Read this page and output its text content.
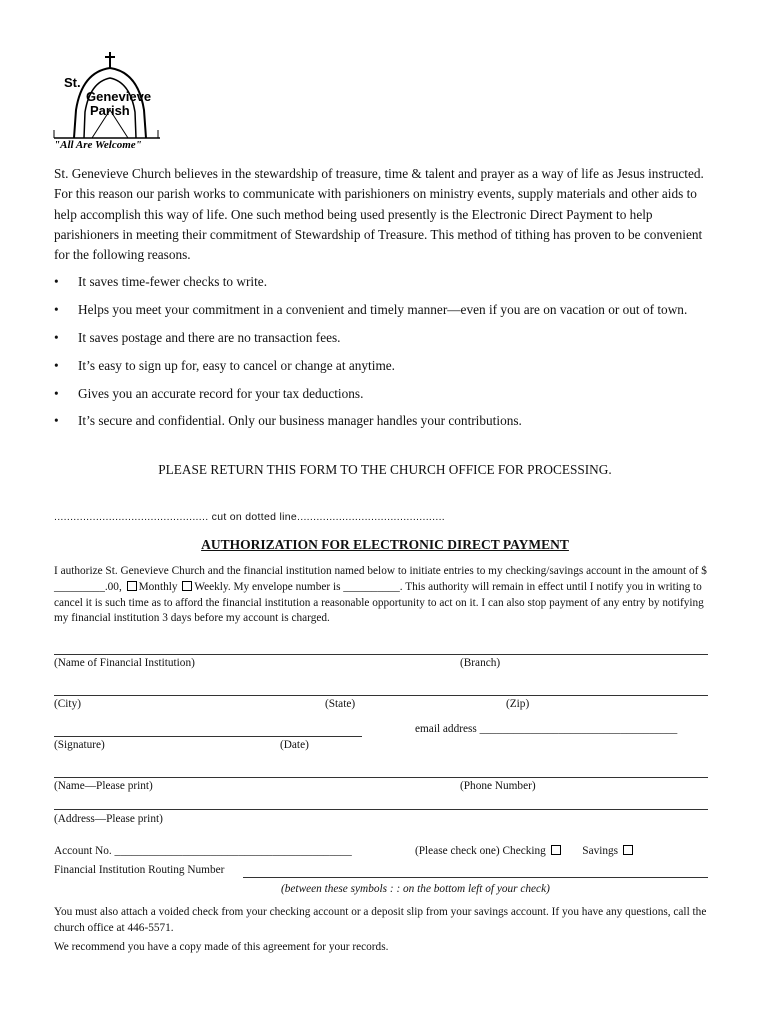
St.
Genevieve
Parish
"All Are Welcome"
St. Genevieve Church believes in the stewardship of treasure, time & talent and prayer as a way of life as Jesus instructed. For this reason our parish works to communicate with parishioners on ministry events, supply materials and other aids to help accomplish this way of life. One such method being used presently is the Electronic Direct Payment to help parishioners in meeting their commitment of Stewardship of Treasure. This method of tithing has proven to be convenient for the following reasons.
• It saves time-fewer checks to write.
• Helps you meet your commitment in a convenient and timely manner—even if you are on vacation or out of town.
• It saves postage and there are no transaction fees.
• It’s easy to sign up for, easy to cancel or change at anytime.
• Gives you an accurate record for your tax deductions.
• It’s secure and confidential. Only our business manager handles your contributions.
PLEASE RETURN THIS FORM TO THE CHURCH OFFICE FOR PROCESSING.
................................................ cut on dotted line..............................................
AUTHORIZATION FOR ELECTRONIC DIRECT PAYMENT
I authorize St. Genevieve Church and the financial institution named below to initiate entries to my checking/savings account in the amount of $ _________.00, Monthly Weekly. My envelope number is __________. This authority will remain in effect until I notify you in writing to cancel it is such time as to afford the financial institution a reasonable opportunity to act on it. I can also stop payment of any entry by notifying my financial institution 3 days before my account is charged.
(Name of Financial Institution)	(Branch)
(City)	(State)	(Zip)
email address ___________________________________
(Signature)	(Date)
(Name—Please print)	(Phone Number)
(Address—Please print)
Account No. __________________________________________	(Please check one) Checking	Savings
Financial Institution Routing Number
(between these symbols : : on the bottom left of your check)
You must also attach a voided check from your checking account or a deposit slip from your savings account. If you have any questions, call the church office at 446-5571.
We recommend you have a copy made of this agreement for your records.
